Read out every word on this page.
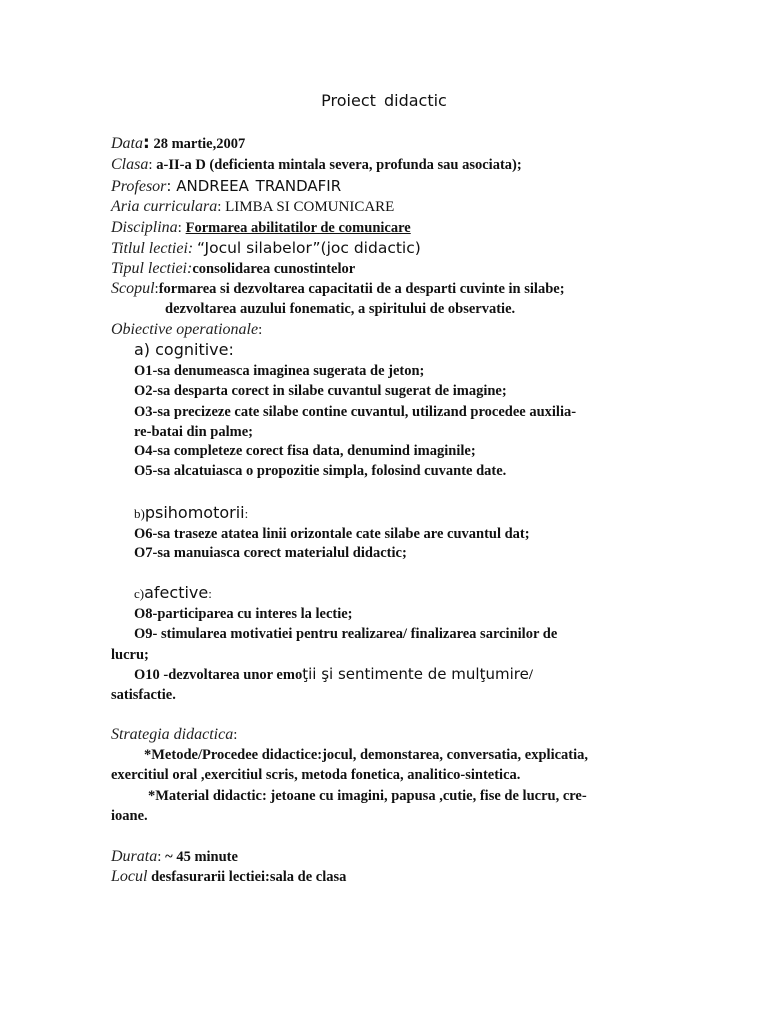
Proiect didactic
Data: 28 martie,2007
Clasa: a-II-a D (deficienta mintala severa, profunda sau asociata);
Profesor: ANDREEA TRANDAFIR
Aria curriculara: LIMBA SI COMUNICARE
Disciplina: Formarea abilitatilor de comunicare
Titlul lectiei: “Jocul silabelor”(joc didactic)
Tipul lectiei:consolidarea cunostintelor
Scopul:formarea si dezvoltarea capacitatii de a desparti cuvinte in silabe;
dezvoltarea auzului fonematic, a spiritului de observatie.
Obiective operationale:
a) cognitive:
O1-sa denumeasca imaginea sugerata de jeton;
O2-sa desparta corect in silabe cuvantul sugerat de imagine;
O3-sa precizeze cate silabe contine cuvantul, utilizand procedee auxilia-
re-batai din palme;
O4-sa completeze corect fisa data, denumind imaginile;
O5-sa alcatuiasca o propozitie simpla, folosind cuvante date.
b)psihomotorii:
O6-sa traseze atatea linii orizontale cate silabe are cuvantul dat;
O7-sa manuiasca corect materialul didactic;
c)afective:
O8-participarea cu interes la lectie;
O9- stimularea motivatiei pentru realizarea/ finalizarea sarcinilor de
lucru;
O10 -dezvoltarea unor emoţii şi sentimente de mulţumire/
satisfactie.
Strategia didactica:
*Metode/Procedee didactice:jocul, demonstarea, conversatia, explicatia,
exercitiul oral ,exercitiul scris, metoda fonetica, analitico-sintetica.
*Material didactic: jetoane cu imagini, papusa ,cutie, fise de lucru, cre-
ioane.
Durata: ~ 45 minute
Locul desfasurarii lectiei:sala de clasa
